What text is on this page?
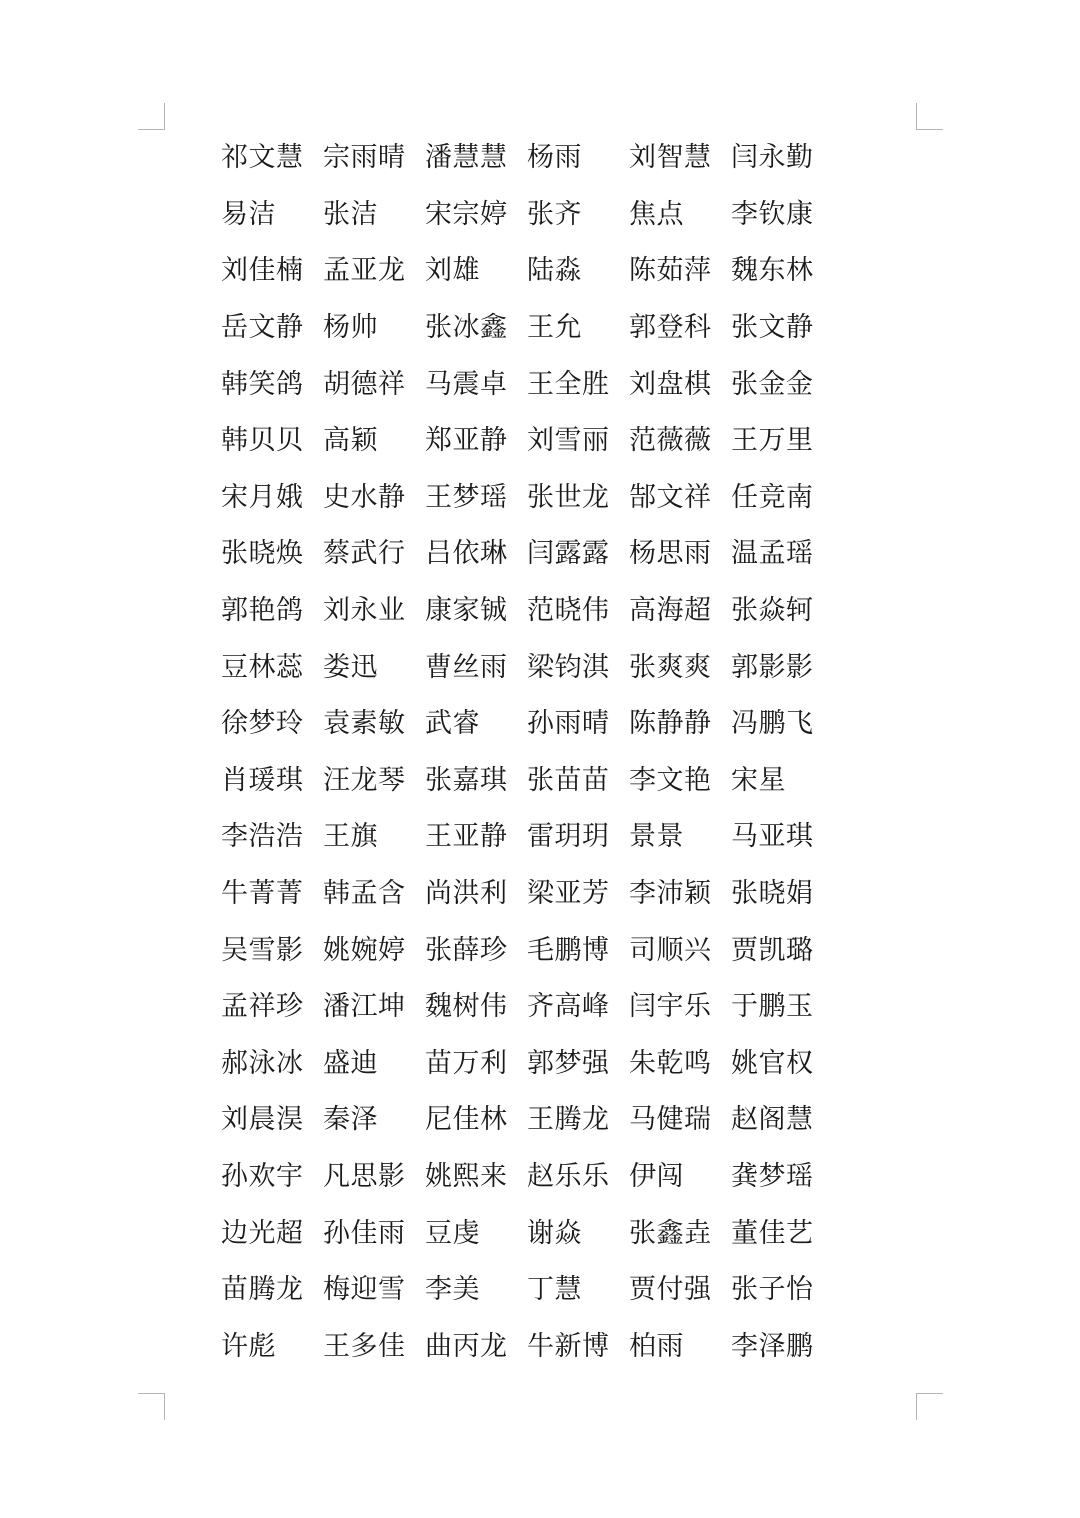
祁文慧 宗雨晴 潘慧慧 杨雨	刘智慧 闫永勤
易洁	张洁	宋宗婷 张齐	焦点	李钦康
刘佳楠 孟亚龙 刘雄	陆淼	陈茹萍 魏东林
岳文静 杨帅	张冰鑫 王允	郭登科 张文静
韩笑鸽 胡德祥 马震卓 王全胜 刘盘棋 张金金
韩贝贝 高颖	郑亚静 刘雪丽 范薇薇 王万里
宋月娥 史水静 王梦瑶 张世龙 郜文祥 任竞南
张晓焕 蔡武行 吕依琳 闫露露 杨思雨 温孟瑶
郭艳鸽 刘永业 康家铖 范晓伟 高海超 张焱轲
豆林蕊 娄迅	曹丝雨 梁钧淇 张爽爽 郭影影
徐梦玲 袁素敏 武睿	孙雨晴 陈静静 冯鹏飞
肖瑗琪 汪龙琴 张嘉琪 张苗苗 李文艳 宋星
李浩浩 王旗	王亚静 雷玥玥 景景	马亚琪
牛菁菁 韩孟含 尚洪利 梁亚芳 李沛颖 张晓娟
吴雪影 姚婉婷 张薛珍 毛鹏博 司顺兴 贾凯璐
孟祥珍 潘江坤 魏树伟 齐高峰 闫宇乐 于鹏玉
郝泳冰 盛迪	苗万利 郭梦强 朱乾鸣 姚官权
刘晨淏 秦泽	尼佳林 王腾龙 马健瑞 赵阁慧
孙欢宇 凡思影 姚熙来 赵乐乐 伊闯	龚梦瑶
边光超 孙佳雨 豆虔	谢焱	张鑫垚 董佳艺
苗腾龙 梅迎雪 李美	丁慧	贾付强 张子怡
许彪	王多佳 曲丙龙 牛新博 柏雨	李泽鹏
